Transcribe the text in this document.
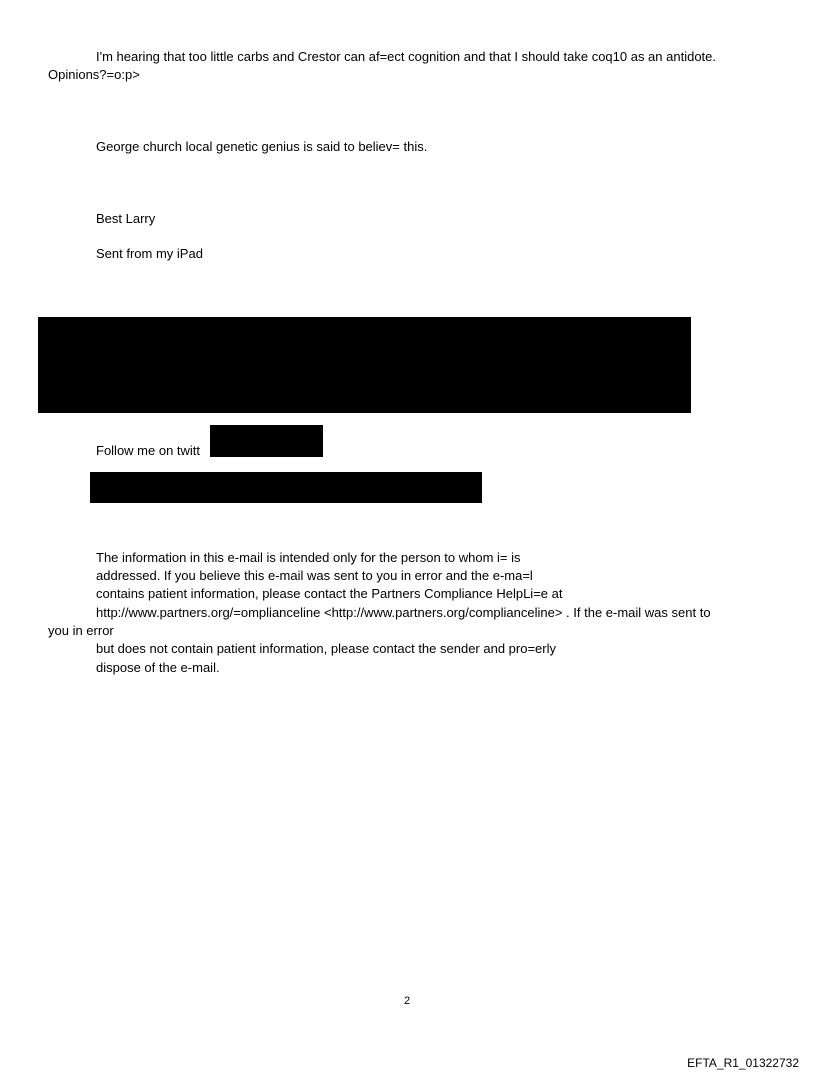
I'm hearing that too little carbs and Crestor can af=ect cognition and that I should take coq10 as an antidote.
Opinions?=o:p>
George church local genetic genius is said to believ= this.
Best Larry
Sent from my iPad
Follow me on twitt
The information in this e-mail is intended only for the person to whom i= is
addressed. If you believe this e-mail was sent to you in error and the e-ma=l
contains patient information, please contact the Partners Compliance HelpLi=e at
http://www.partners.org/=omplianceline <http://www.partners.org/complianceline> . If the e-mail was sent to
you in error
but does not contain patient information, please contact the sender and pro=erly
dispose of the e-mail.
2
EFTA_R1_01322732
